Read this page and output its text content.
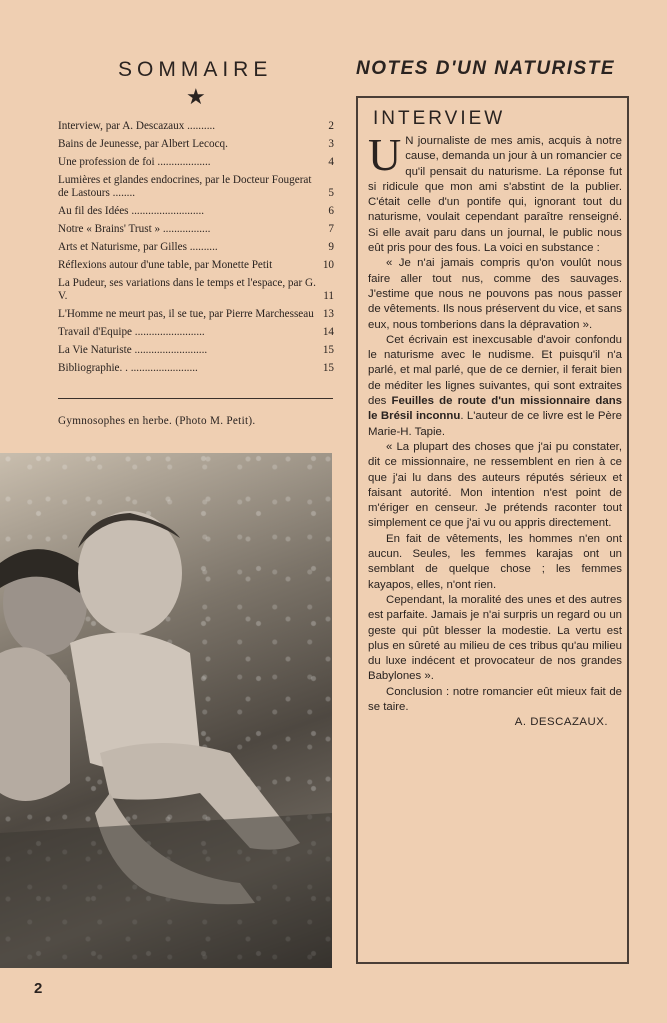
SOMMAIRE
★
Interview, par A. Descazaux ..........	2
Bains de Jeunesse, par Albert Lecocq.	3
Une profession de foi ...................	4
Lumières et glandes endocrines, par le Docteur Fougerat de Lastours ........	5
Au fil des Idées ..........................	6
Notre « Brains' Trust » .................	7
Arts et Naturisme, par Gilles ..........	9
Réflexions autour d'une table, par Monette Petit	10
La Pudeur, ses variations dans le temps et l'espace, par G. V.	11
L'Homme ne meurt pas, il se tue, par Pierre Marchesseau 13
Travail d'Equipe .........................	14
La Vie Naturiste ..........................	15
Bibliographie. . ........................	15
Gymnosophes en herbe. (Photo M. Petit).
2
NOTES D'UN NATURISTE
INTERVIEW

U N journaliste de mes amis, acquis à notre cause, demanda un jour à un romancier ce qu'il pensait du naturisme. La réponse fut si ridicule que mon ami s'abstint de la publier. C'était celle d'un pontife qui, ignorant tout du naturisme, voulait cependant paraître renseigné. Si elle avait paru dans un journal, le public nous eût pris pour des fous. La voici en substance :

« Je n'ai jamais compris qu'on voulût nous faire aller tout nus, comme des sauvages. J'estime que nous ne pouvons pas nous passer de vêtements. Ils nous préservent du vice, et sans eux, nous tomberions dans la dépravation ».

Cet écrivain est inexcusable d'avoir confondu le naturisme avec le nudisme. Et puisqu'il n'a parlé, et mal parlé, que de ce dernier, il ferait bien de méditer les lignes suivantes, qui sont extraites des Feuilles de route d'un missionnaire dans le Brésil inconnu. L'auteur de ce livre est le Père Marie-H. Tapie.

« La plupart des choses que j'ai pu constater, dit ce missionnaire, ne ressemblent en rien à ce que j'ai lu dans des auteurs réputés sérieux et faisant autorité. Mon intention n'est point de m'ériger en censeur. Je prétends raconter tout simplement ce que j'ai vu ou appris directement.

En fait de vêtements, les hommes n'en ont aucun. Seules, les femmes karajas ont un semblant de quelque chose ; les femmes kayapos, elles, n'ont rien.

Cependant, la moralité des unes et des autres est parfaite. Jamais je n'ai surpris un regard ou un geste qui pût blesser la modestie. La vertu est plus en sûreté au milieu de ces tribus qu'au milieu du luxe indécent et provocateur de nos grandes Babylones ».

Conclusion : notre romancier eût mieux fait de se taire.

A. DESCAZAUX.
